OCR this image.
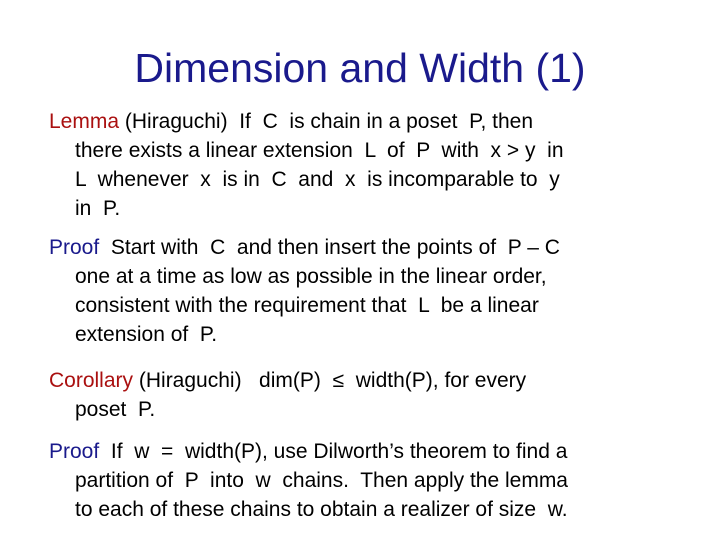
Dimension and Width (1)
Lemma (Hiraguchi)  If  C  is chain in a poset  P, then
there exists a linear extension  L  of  P  with  x > y  in
L  whenever  x  is in  C  and  x  is incomparable to  y
in  P.
Proof  Start with  C  and then insert the points of  P – C
one at a time as low as possible in the linear order,
consistent with the requirement that  L  be a linear
extension of  P.
Corollary (Hiraguchi)   dim(P)  ≤  width(P), for every
poset  P.
Proof  If  w  =  width(P), use Dilworth’s theorem to find a
partition of  P  into  w  chains.  Then apply the lemma
to each of these chains to obtain a realizer of size  w.
